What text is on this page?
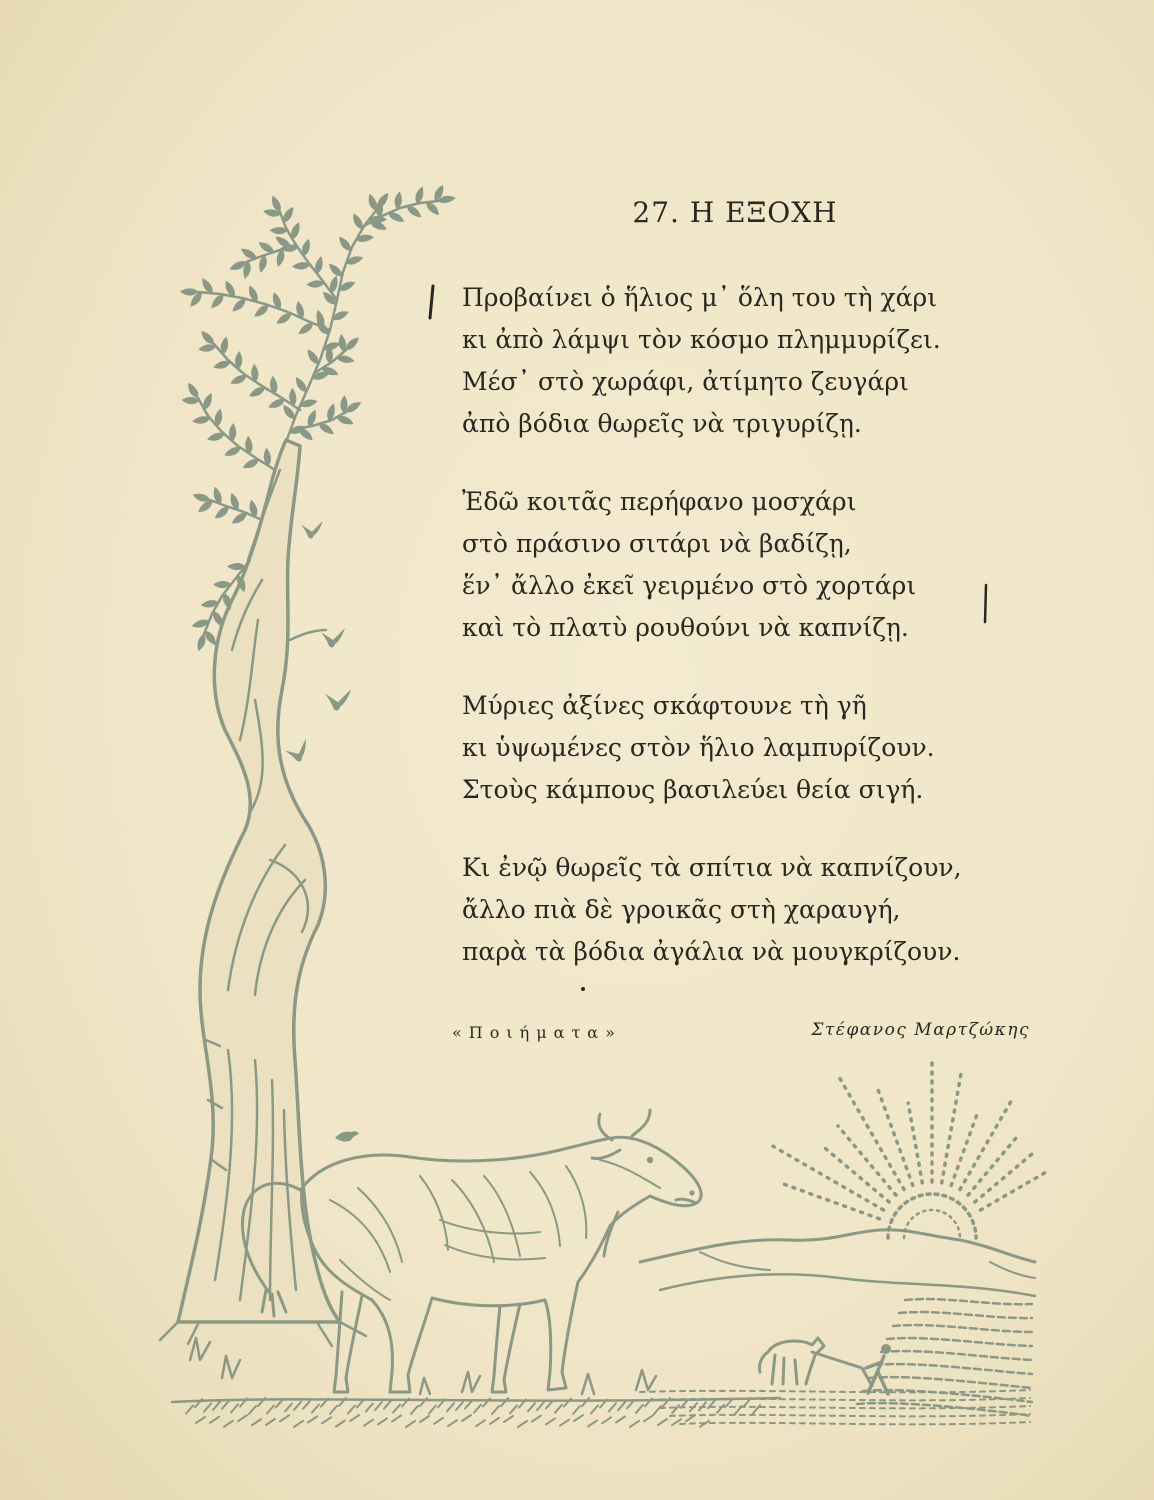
27. Η ΕΞΟΧΗ
Προβαίνει ὁ ἥλιος μ᾽ ὅλη του τὴ χάρι
κι ἀπὸ λάμψι τὸν κόσμο πλημμυρίζει.
Μέσ᾽ στὸ χωράφι, ἀτίμητο ζευγάρι
ἀπὸ βόδια θωρεῖς νὰ τριγυρίζῃ.
Ἐδῶ κοιτᾶς περήφανο μοσχάρι
στὸ πράσινο σιτάρι νὰ βαδίζῃ,
ἕν᾽ ἄλλο ἐκεῖ γειρμένο στὸ χορτάρι
καὶ τὸ πλατὺ ρουθούνι νὰ καπνίζῃ.
Μύριες ἀξίνες σκάφτουνε τὴ γῆ
κι ὑψωμένες στὸν ἥλιο λαμπυρίζουν.
Στοὺς κάμπους βασιλεύει θεία σιγή.
Κι ἐνῷ θωρεῖς τὰ σπίτια νὰ καπνίζουν,
ἄλλο πιὰ δὲ γροικᾶς στὴ χαραυγή,
παρὰ τὰ βόδια ἀγάλια νὰ μουγκρίζουν.
«Ποιήματα»	Στέφανος Μαρτζώκης
